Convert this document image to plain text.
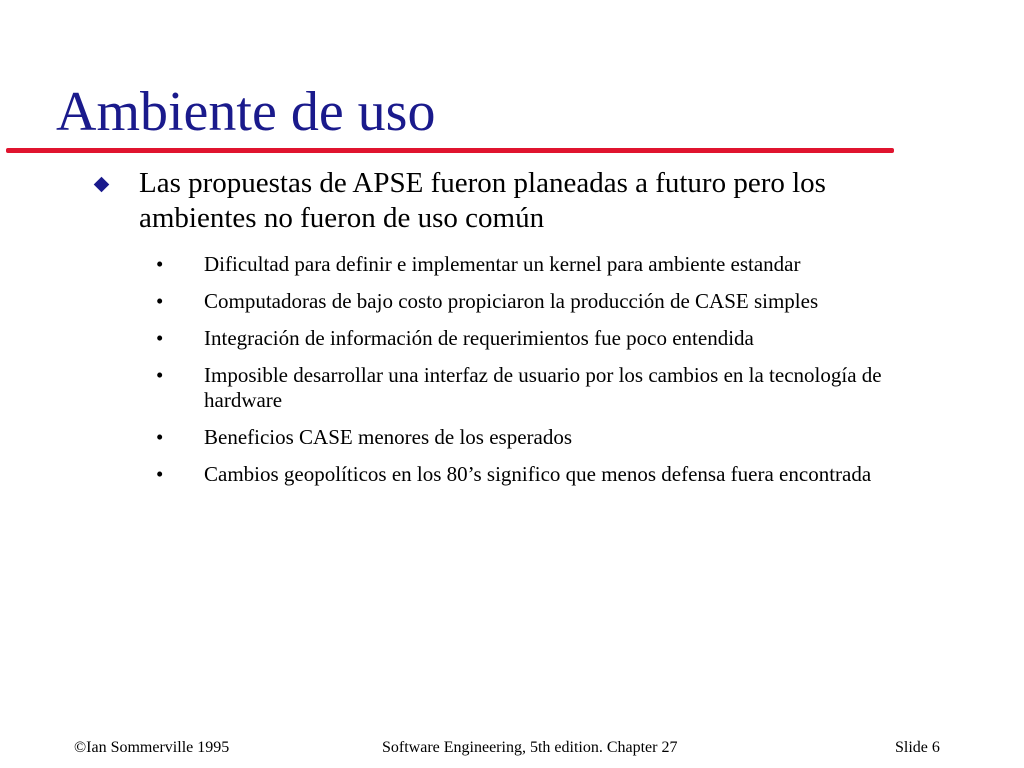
Ambiente de uso
Las propuestas de APSE fueron planeadas a futuro pero los ambientes no fueron de uso común
• Dificultad para definir e implementar un kernel para ambiente estandar
• Computadoras de bajo costo propiciaron la producción de CASE simples
• Integración de información de requerimientos fue poco entendida
• Imposible desarrollar una interfaz de usuario por los cambios en la tecnología de hardware
• Beneficios CASE menores de los esperados
• Cambios geopolíticos en los 80’s significo que menos defensa fuera encontrada
©Ian Sommerville 1995	Software Engineering, 5th edition. Chapter 27	Slide 6
